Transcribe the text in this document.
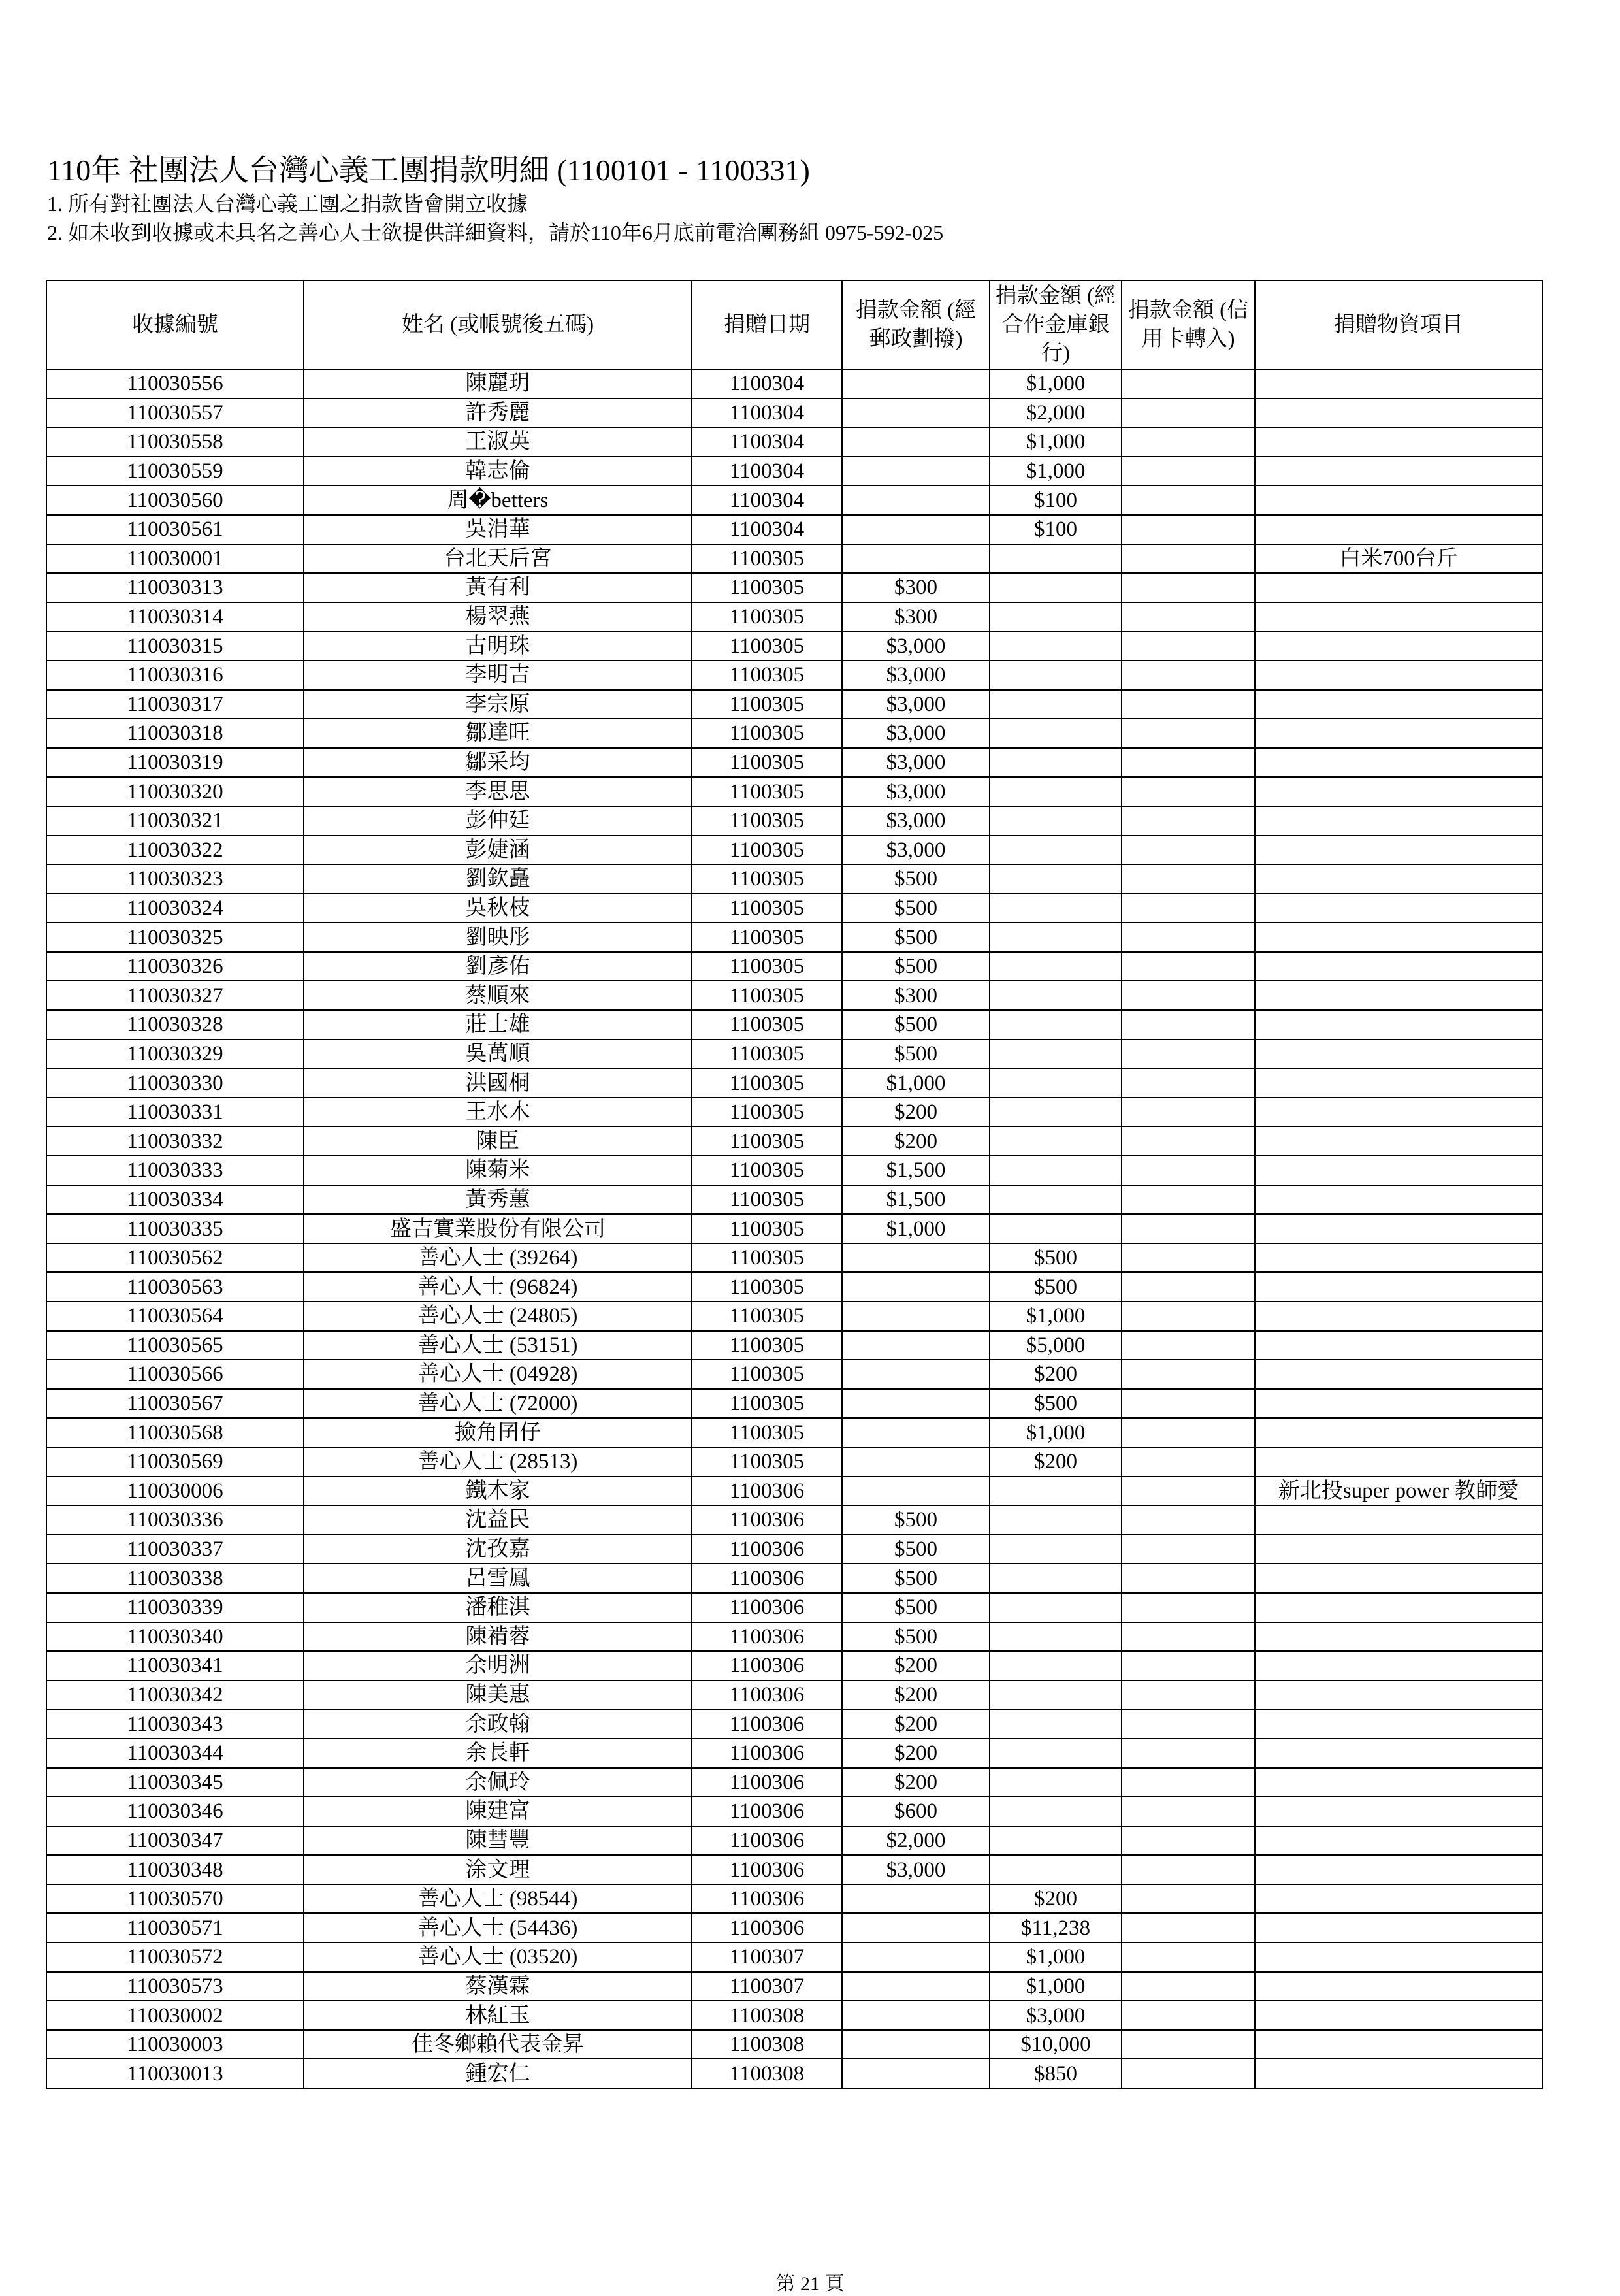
110年 社團法人台灣心義工團捐款明細 (1100101 - 1100331)
1. 所有對社團法人台灣心義工團之捐款皆會開立收據
2. 如未收到收據或未具名之善心人士欲提供詳細資料，請於110年6月底前電洽團務組 0975-592-025
收據編號	姓名 (或帳號後五碼)	捐贈日期	捐款金額 (經郵政劃撥)	捐款金額 (經合作金庫銀行)	捐款金額 (信用卡轉入)	捐贈物資項目
110030556	陳麗玥	1100304		$1,000		
110030557	許秀麗	1100304		$2,000		
110030558	王淑英	1100304		$1,000		
110030559	韓志倫	1100304		$1,000		
110030560	周�betters	1100304		$100		
110030561	吳涓華	1100304		$100		
110030001	台北天后宮	1100305				白米700台斤
110030313	黃有利	1100305	$300			
110030314	楊翠燕	1100305	$300			
110030315	古明珠	1100305	$3,000			
110030316	李明吉	1100305	$3,000			
110030317	李宗原	1100305	$3,000			
110030318	鄒達旺	1100305	$3,000			
110030319	鄒采均	1100305	$3,000			
110030320	李思思	1100305	$3,000			
110030321	彭仲廷	1100305	$3,000			
110030322	彭婕涵	1100305	$3,000			
110030323	劉欽矗	1100305	$500			
110030324	吳秋枝	1100305	$500			
110030325	劉映彤	1100305	$500			
110030326	劉彥佑	1100305	$500			
110030327	蔡順來	1100305	$300			
110030328	莊士雄	1100305	$500			
110030329	吳萬順	1100305	$500			
110030330	洪國桐	1100305	$1,000			
110030331	王水木	1100305	$200			
110030332	陳臣	1100305	$200			
110030333	陳菊米	1100305	$1,500			
110030334	黃秀蕙	1100305	$1,500			
110030335	盛吉實業股份有限公司	1100305	$1,000			
110030562	善心人士 (39264)	1100305		$500		
110030563	善心人士 (96824)	1100305		$500		
110030564	善心人士 (24805)	1100305		$1,000		
110030565	善心人士 (53151)	1100305		$5,000		
110030566	善心人士 (04928)	1100305		$200		
110030567	善心人士 (72000)	1100305		$500		
110030568	撿角囝仔	1100305		$1,000		
110030569	善心人士 (28513)	1100305		$200		
110030006	鐵木家	1100306				新北投super power 教師愛
110030336	沈益民	1100306	$500			
110030337	沈孜嘉	1100306	$500			
110030338	呂雪鳳	1100306	$500			
110030339	潘稚淇	1100306	$500			
110030340	陳褃蓉	1100306	$500			
110030341	余明洲	1100306	$200			
110030342	陳美惠	1100306	$200			
110030343	余政翰	1100306	$200			
110030344	余長軒	1100306	$200			
110030345	余佩玲	1100306	$200			
110030346	陳建富	1100306	$600			
110030347	陳彗豐	1100306	$2,000			
110030348	涂文理	1100306	$3,000			
110030570	善心人士 (98544)	1100306		$200		
110030571	善心人士 (54436)	1100306		$11,238		
110030572	善心人士 (03520)	1100307		$1,000		
110030573	蔡漢霖	1100307		$1,000		
110030002	林紅玉	1100308		$3,000		
110030003	佳冬鄉賴代表金昇	1100308		$10,000		
110030013	鍾宏仁	1100308		$850		
第 21 頁
